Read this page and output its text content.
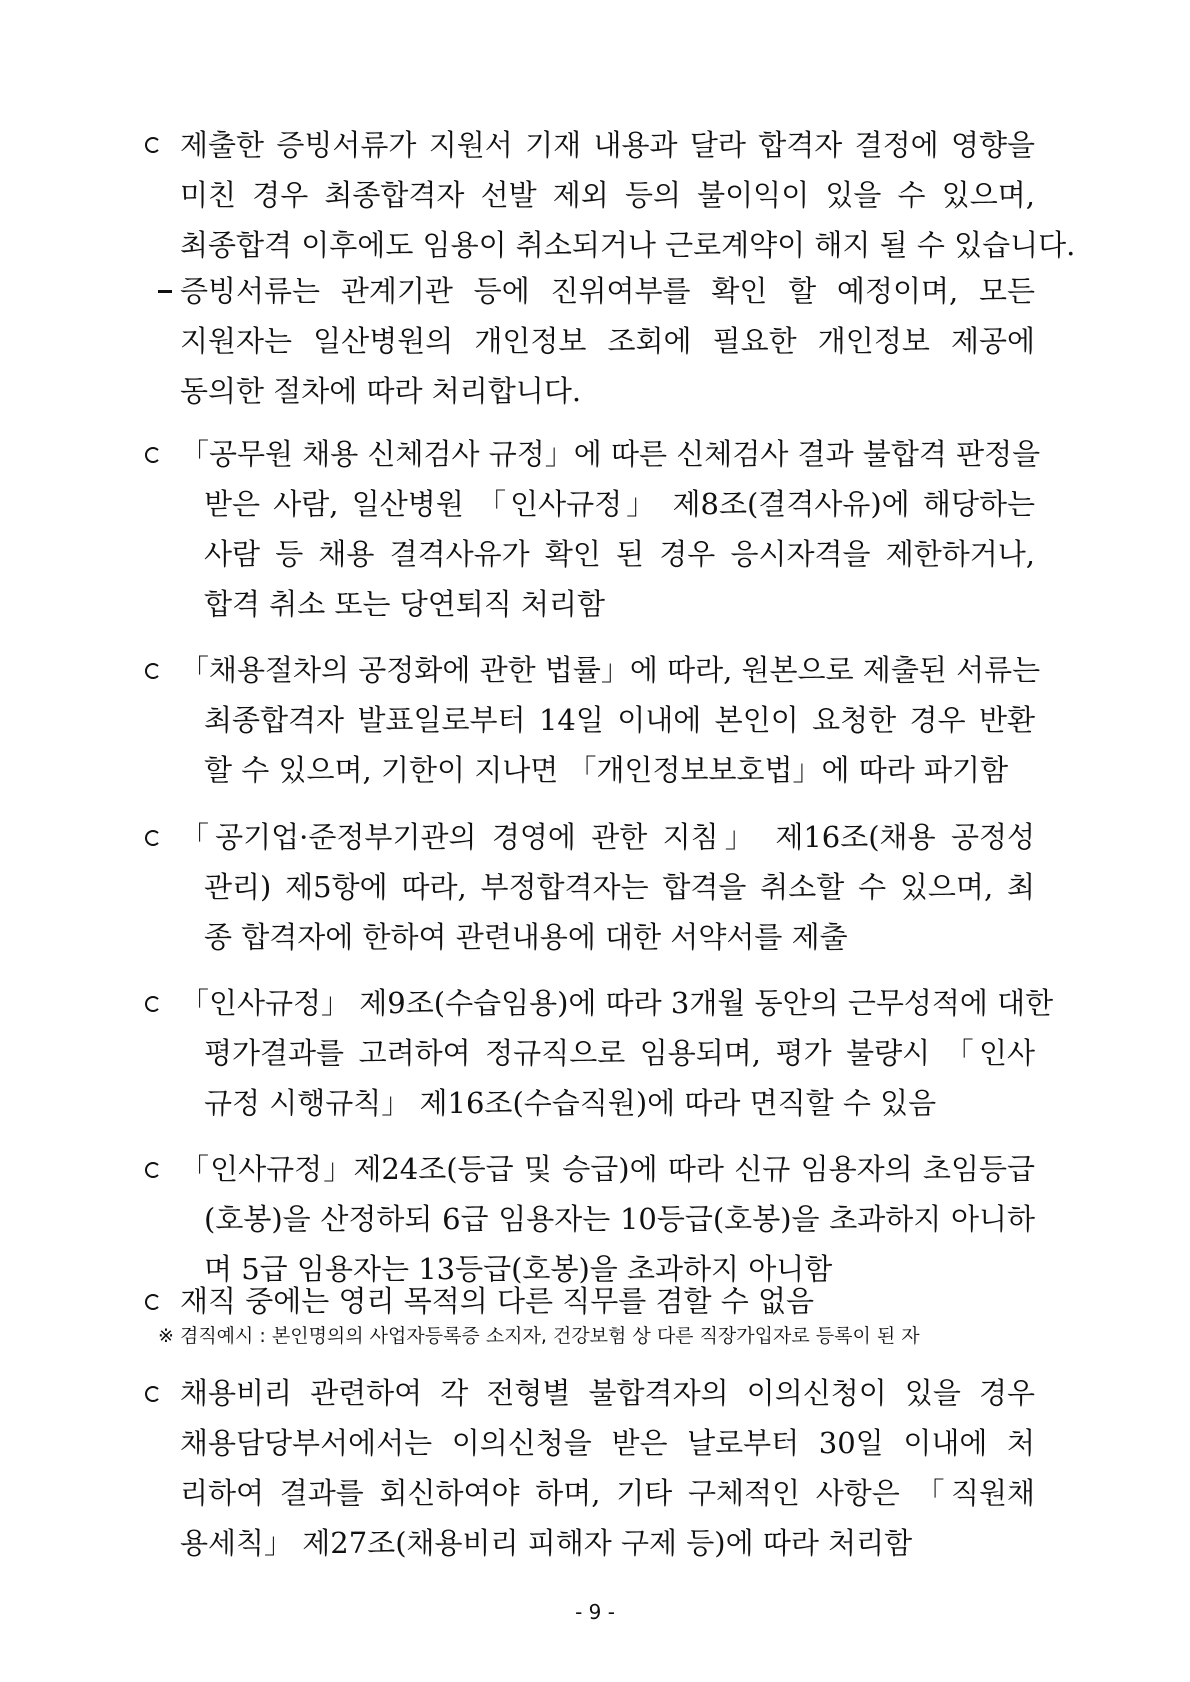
제출한 증빙서류가 지원서 기재 내용과 달라 합격자 결정에 영향을
미친 경우 최종합격자 선발 제외 등의 불이익이 있을 수 있으며,
최종합격 이후에도 임용이 취소되거나 근로계약이 해지 될 수 있습니다.
증빙서류는 관계기관 등에 진위여부를 확인 할 예정이며, 모든
지원자는 일산병원의 개인정보 조회에 필요한 개인정보 제공에
동의한 절차에 따라 처리합니다.
「공무원 채용 신체검사 규정」에 따른 신체검사 결과 불합격 판정을
받은 사람, 일산병원 「인사규정」 제8조(결격사유)에 해당하는
사람 등 채용 결격사유가 확인 된 경우 응시자격을 제한하거나,
합격 취소 또는 당연퇴직 처리함
「채용절차의 공정화에 관한 법률」에 따라, 원본으로 제출된 서류는
최종합격자 발표일로부터 14일 이내에 본인이 요청한 경우 반환
할 수 있으며, 기한이 지나면 「개인정보보호법」에 따라 파기함
「공기업·준정부기관의 경영에 관한 지침」 제16조(채용 공정성
관리) 제5항에 따라, 부정합격자는 합격을 취소할 수 있으며, 최
종 합격자에 한하여 관련내용에 대한 서약서를 제출
「인사규정」 제9조(수습임용)에 따라 3개월 동안의 근무성적에 대한
평가결과를 고려하여 정규직으로 임용되며, 평가 불량시 「인사
규정 시행규칙」 제16조(수습직원)에 따라 면직할 수 있음
「인사규정」제24조(등급 및 승급)에 따라 신규 임용자의 초임등급
(호봉)을 산정하되 6급 임용자는 10등급(호봉)을 초과하지 아니하
며 5급 임용자는 13등급(호봉)을 초과하지 아니함
재직 중에는 영리 목적의 다른 직무를 겸할 수 없음
※ 겸직예시 : 본인명의의 사업자등록증 소지자, 건강보험 상 다른 직장가입자로 등록이 된 자
채용비리 관련하여 각 전형별 불합격자의 이의신청이 있을 경우
채용담당부서에서는 이의신청을 받은 날로부터 30일 이내에 처
리하여 결과를 회신하여야 하며, 기타 구체적인 사항은 「직원채
용세칙」 제27조(채용비리 피해자 구제 등)에 따라 처리함
- 9 -
